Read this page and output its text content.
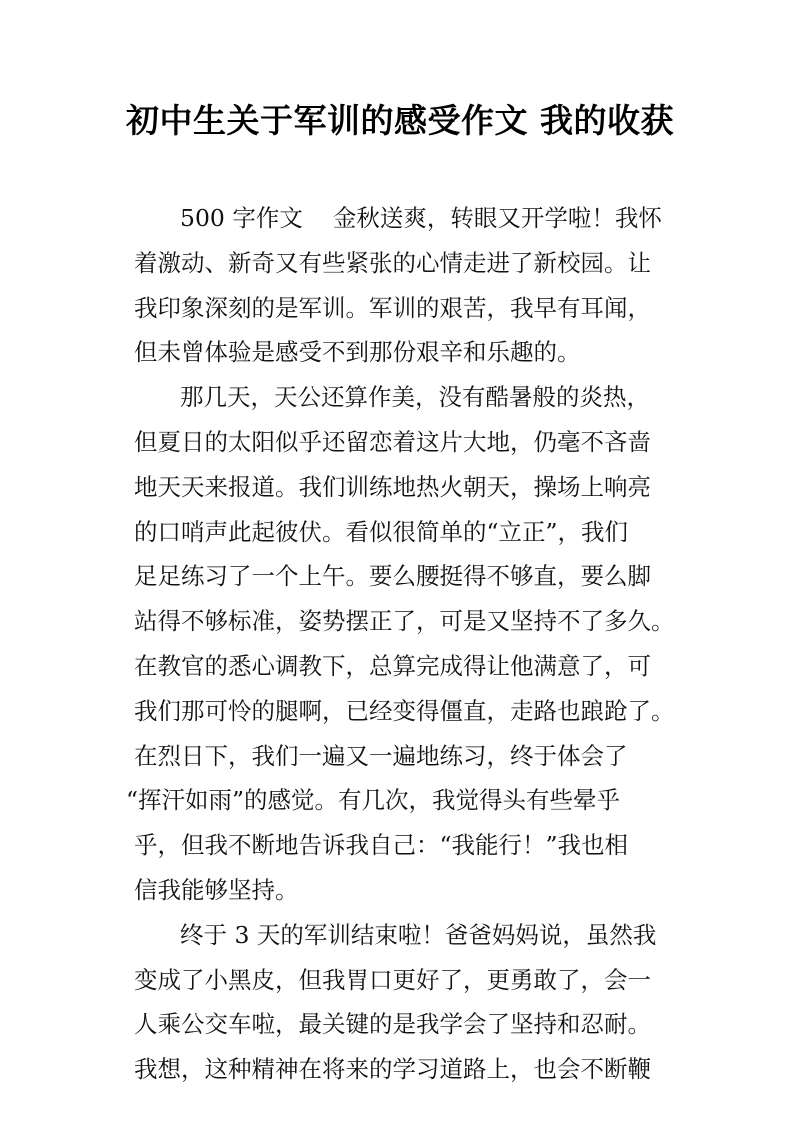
初中生关于军训的感受作文 我的收获
500 字作文 金秋送爽，转眼又开学啦！我怀
着激动、新奇又有些紧张的心情走进了新校园。让
我印象深刻的是军训。军训的艰苦，我早有耳闻，
但未曾体验是感受不到那份艰辛和乐趣的。
那几天，天公还算作美，没有酷暑般的炎热，
但夏日的太阳似乎还留恋着这片大地，仍毫不吝啬
地天天来报道。我们训练地热火朝天，操场上响亮
的口哨声此起彼伏。看似很简单的“立正”，我们
足足练习了一个上午。要么腰挺得不够直，要么脚
站得不够标准，姿势摆正了，可是又坚持不了多久。
在教官的悉心调教下，总算完成得让他满意了，可
我们那可怜的腿啊，已经变得僵直，走路也踉跄了。
在烈日下，我们一遍又一遍地练习，终于体会了
“挥汗如雨”的感觉。有几次，我觉得头有些晕乎
乎，但我不断地告诉我自己：“我能行！”我也相
信我能够坚持。
终于 3 天的军训结束啦！爸爸妈妈说，虽然我
变成了小黑皮，但我胃口更好了，更勇敢了，会一
人乘公交车啦，最关键的是我学会了坚持和忍耐。
我想，这种精神在将来的学习道路上，也会不断鞭
